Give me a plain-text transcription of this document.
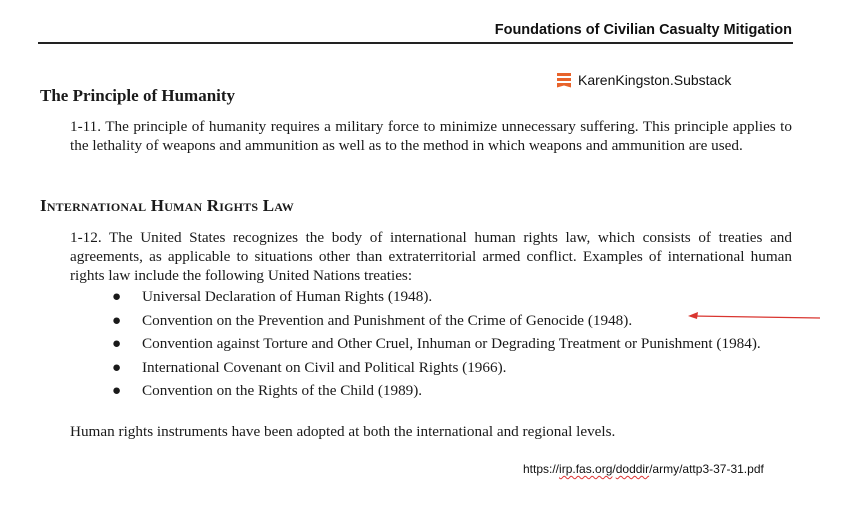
Foundations of Civilian Casualty Mitigation
KarenKingston.Substack
The Principle of Humanity
1-11. The principle of humanity requires a military force to minimize unnecessary suffering. This principle applies to the lethality of weapons and ammunition as well as to the method in which weapons and ammunition are used.
International Human Rights Law
1-12. The United States recognizes the body of international human rights law, which consists of treaties and agreements, as applicable to situations other than extraterritorial armed conflict. Examples of international human rights law include the following United Nations treaties:
● Universal Declaration of Human Rights (1948).
● Convention on the Prevention and Punishment of the Crime of Genocide (1948).
● Convention against Torture and Other Cruel, Inhuman or Degrading Treatment or Punishment (1984).
● International Covenant on Civil and Political Rights (1966).
● Convention on the Rights of the Child (1989).
Human rights instruments have been adopted at both the international and regional levels.
https://irp.fas.org/doddir/army/attp3-37-31.pdf
